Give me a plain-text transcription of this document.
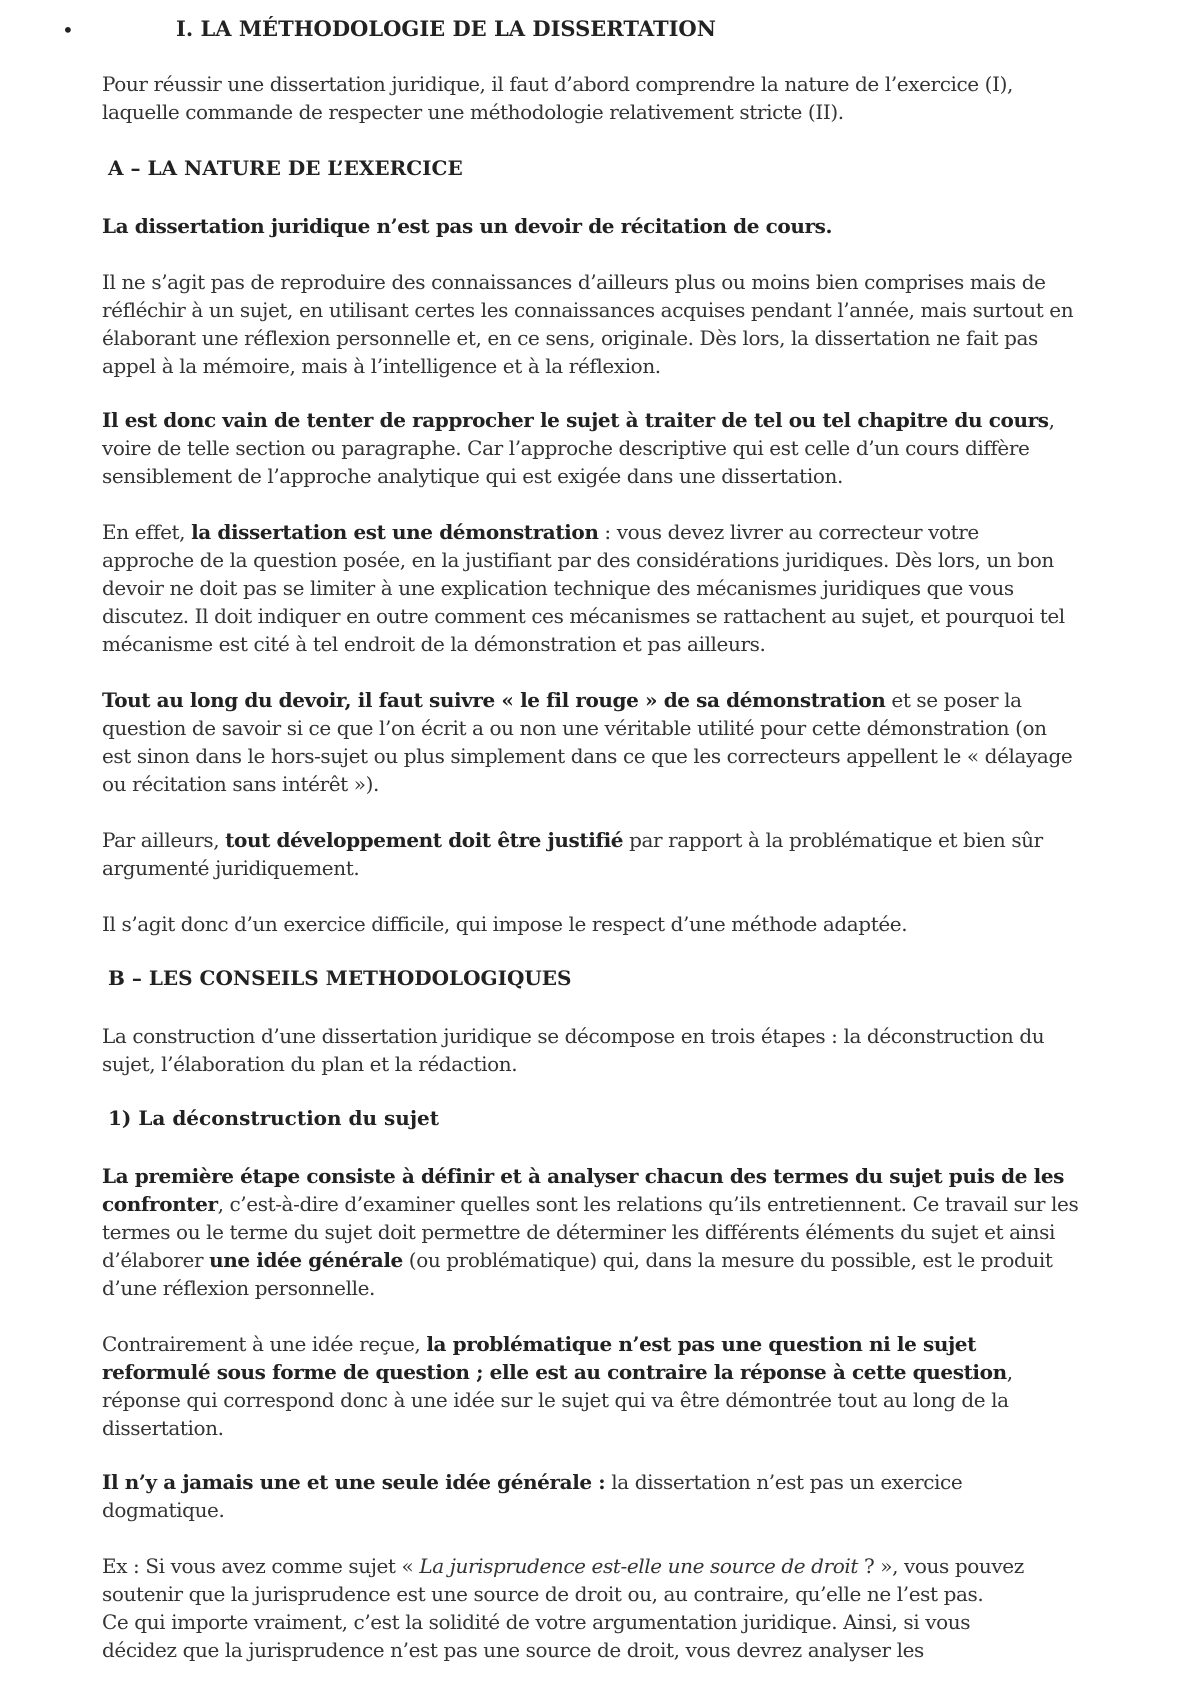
•	I. LA MÉTHODOLOGIE DE LA DISSERTATION

Pour réussir une dissertation juridique, il faut d’abord comprendre la nature de l’exercice (I),

laquelle commande de respecter une méthodologie relativement stricte (II).

A – LA NATURE DE L’EXERCICE

La dissertation juridique n’est pas un devoir de récitation de cours.

Il ne s’agit pas de reproduire des connaissances d’ailleurs plus ou moins bien comprises mais de

réfléchir à un sujet, en utilisant certes les connaissances acquises pendant l’année, mais surtout en

élaborant une réflexion personnelle et, en ce sens, originale. Dès lors, la dissertation ne fait pas

appel à la mémoire, mais à l’intelligence et à la réflexion.

Il est donc vain de tenter de rapprocher le sujet à traiter de tel ou tel chapitre du cours,

voire de telle section ou paragraphe. Car l’approche descriptive qui est celle d’un cours diffère

sensiblement de l’approche analytique qui est exigée dans une dissertation.

En effet, la dissertation est une démonstration : vous devez livrer au correcteur votre

approche de la question posée, en la justifiant par des considérations juridiques. Dès lors, un bon

devoir ne doit pas se limiter à une explication technique des mécanismes juridiques que vous

discutez. Il doit indiquer en outre comment ces mécanismes se rattachent au sujet, et pourquoi tel

mécanisme est cité à tel endroit de la démonstration et pas ailleurs.

Tout au long du devoir, il faut suivre « le fil rouge » de sa démonstration et se poser la

question de savoir si ce que l’on écrit a ou non une véritable utilité pour cette démonstration (on

est sinon dans le hors-sujet ou plus simplement dans ce que les correcteurs appellent le « délayage

ou récitation sans intérêt »).

Par ailleurs, tout développement doit être justifié par rapport à la problématique et bien sûr

argumenté juridiquement.

Il s’agit donc d’un exercice difficile, qui impose le respect d’une méthode adaptée.

B – LES CONSEILS METHODOLOGIQUES

La construction d’une dissertation juridique se décompose en trois étapes : la déconstruction du

sujet, l’élaboration du plan et la rédaction.

1) La déconstruction du sujet

La première étape consiste à définir et à analyser chacun des termes du sujet puis de les

confronter, c’est-à-dire d’examiner quelles sont les relations qu’ils entretiennent. Ce travail sur les

termes ou le terme du sujet doit permettre de déterminer les différents éléments du sujet et ainsi

d’élaborer une idée générale (ou problématique) qui, dans la mesure du possible, est le produit

d’une réflexion personnelle.

Contrairement à une idée reçue, la problématique n’est pas une question ni le sujet

reformulé sous forme de question ; elle est au contraire la réponse à cette question,

réponse qui correspond donc à une idée sur le sujet qui va être démontrée tout au long de la

dissertation.

Il n’y a jamais une et une seule idée générale : la dissertation n’est pas un exercice

dogmatique.

Ex : Si vous avez comme sujet « La jurisprudence est-elle une source de droit ? », vous pouvez

soutenir que la jurisprudence est une source de droit ou, au contraire, qu’elle ne l’est pas.

Ce qui importe vraiment, c’est la solidité de votre argumentation juridique. Ainsi, si vous

décidez que la jurisprudence n’est pas une source de droit, vous devrez analyser les
